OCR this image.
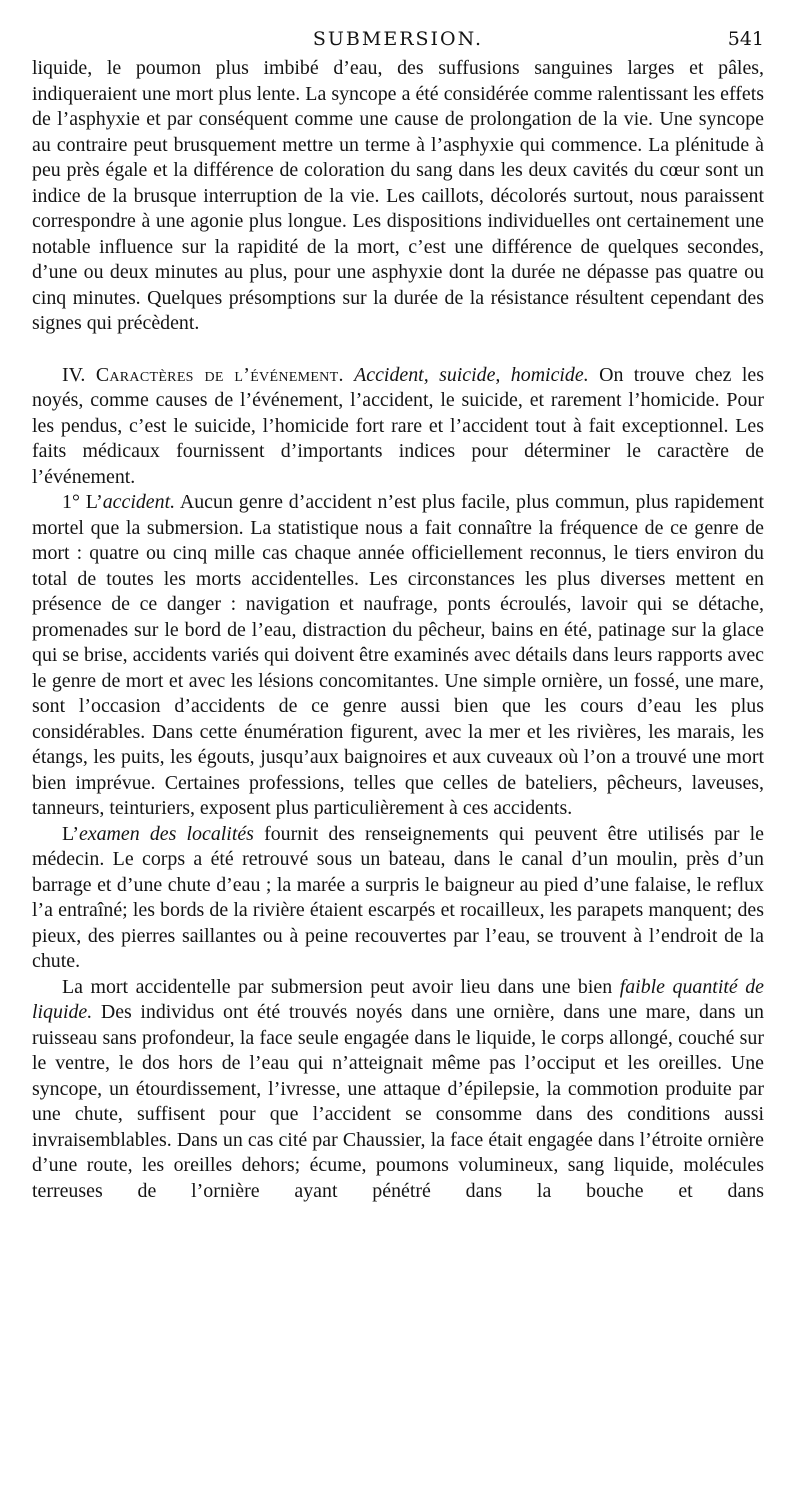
SUBMERSION.	541

liquide, le poumon plus imbibé d’eau, des suffusions sanguines larges et pâles, indiqueraient une mort plus lente. La syncope a été considérée comme ralentissant les effets de l’asphyxie et par conséquent comme une cause de prolongation de la vie. Une syncope au contraire peut brusquement mettre un terme à l’asphyxie qui commence. La plénitude à peu près égale et la différence de coloration du sang dans les deux cavités du cœur sont un indice de la brusque interruption de la vie. Les caillots, décolorés surtout, nous paraissent correspondre à une agonie plus longue. Les dispositions individuelles ont certainement une notable influence sur la rapidité de la mort, c’est une différence de quelques secondes, d’une ou deux minutes au plus, pour une asphyxie dont la durée ne dépasse pas quatre ou cinq minutes. Quelques présomptions sur la durée de la résistance résultent cependant des signes qui précèdent.

IV. Caractères de l’événement. Accident, suicide, homicide. On trouve chez les noyés, comme causes de l’événement, l’accident, le suicide, et rarement l’homicide. Pour les pendus, c’est le suicide, l’homicide fort rare et l’accident tout à fait exceptionnel. Les faits médicaux fournissent d’importants indices pour déterminer le caractère de l’événement.

1° L’accident. Aucun genre d’accident n’est plus facile, plus commun, plus rapidement mortel que la submersion. La statistique nous a fait connaître la fréquence de ce genre de mort : quatre ou cinq mille cas chaque année officiellement reconnus, le tiers environ du total de toutes les morts accidentelles. Les circonstances les plus diverses mettent en présence de ce danger : navigation et naufrage, ponts écroulés, lavoir qui se détache, promenades sur le bord de l’eau, distraction du pêcheur, bains en été, patinage sur la glace qui se brise, accidents variés qui doivent être examinés avec détails dans leurs rapports avec le genre de mort et avec les lésions concomitantes. Une simple ornière, un fossé, une mare, sont l’occasion d’accidents de ce genre aussi bien que les cours d’eau les plus considérables. Dans cette énumération figurent, avec la mer et les rivières, les marais, les étangs, les puits, les égouts, jusqu’aux baignoires et aux cuveaux où l’on a trouvé une mort bien imprévue. Certaines professions, telles que celles de bateliers, pêcheurs, laveuses, tanneurs, teinturiers, exposent plus particulièrement à ces accidents.

L’examen des localités fournit des renseignements qui peuvent être utilisés par le médecin. Le corps a été retrouvé sous un bateau, dans le canal d’un moulin, près d’un barrage et d’une chute d’eau ; la marée a surpris le baigneur au pied d’une falaise, le reflux l’a entraîné; les bords de la rivière étaient escarpés et rocailleux, les parapets manquent; des pieux, des pierres saillantes ou à peine recouvertes par l’eau, se trouvent à l’endroit de la chute.

La mort accidentelle par submersion peut avoir lieu dans une bien faible quantité de liquide. Des individus ont été trouvés noyés dans une ornière, dans une mare, dans un ruisseau sans profondeur, la face seule engagée dans le liquide, le corps allongé, couché sur le ventre, le dos hors de l’eau qui n’atteignait même pas l’occiput et les oreilles. Une syncope, un étourdissement, l’ivresse, une attaque d’épilepsie, la commotion produite par une chute, suffisent pour que l’accident se consomme dans des conditions aussi invraisemblables. Dans un cas cité par Chaussier, la face était engagée dans l’étroite ornière d’une route, les oreilles dehors; écume, poumons volumineux, sang liquide, molécules terreuses de l’ornière ayant pénétré dans la bouche et dans
